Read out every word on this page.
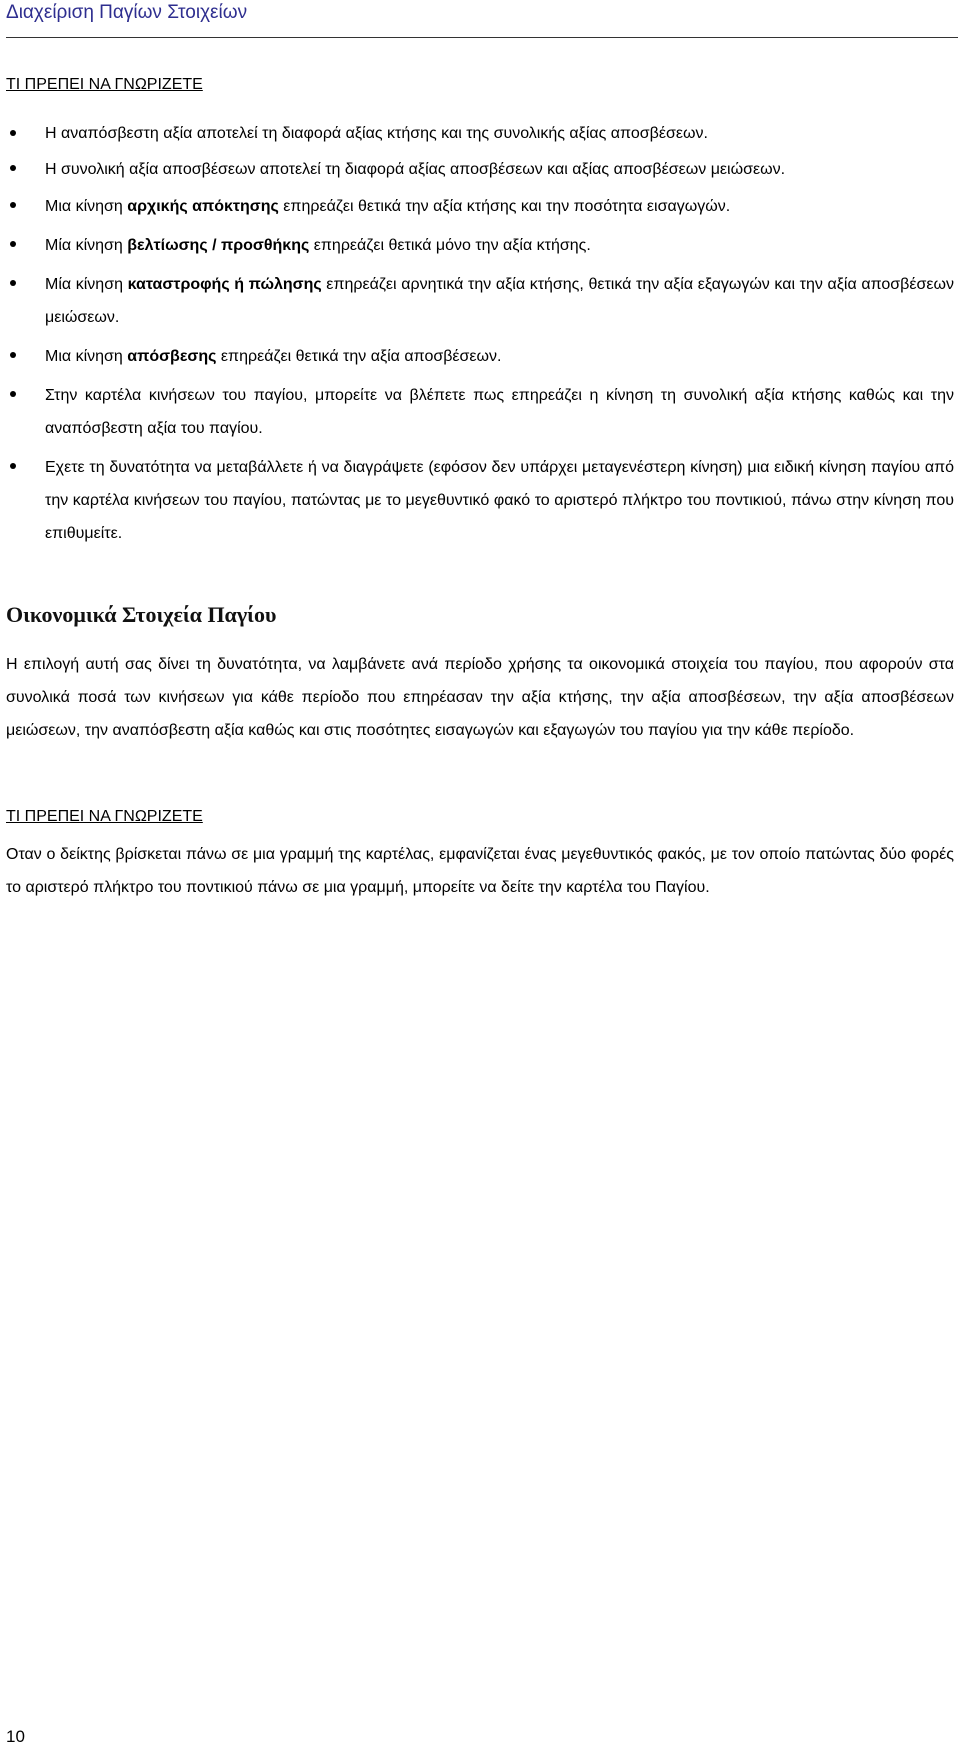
Διαχείριση Παγίων Στοιχείων
ΤΙ ΠΡΕΠΕΙ ΝΑ ΓΝΩΡΙΖΕΤΕ
Η αναπόσβεστη αξία αποτελεί τη διαφορά αξίας κτήσης και της συνολικής αξίας αποσβέσεων.
Η συνολική αξία αποσβέσεων αποτελεί τη διαφορά αξίας αποσβέσεων και αξίας αποσβέσεων μειώσεων.
Μια κίνηση αρχικής απόκτησης επηρεάζει θετικά την αξία κτήσης και την ποσότητα εισαγωγών.
Μία κίνηση βελτίωσης / προσθήκης επηρεάζει θετικά μόνο την αξία κτήσης.
Μία κίνηση καταστροφής ή πώλησης επηρεάζει αρνητικά την αξία κτήσης, θετικά την αξία εξαγωγών και την αξία αποσβέσεων μειώσεων.
Μια κίνηση απόσβεσης επηρεάζει θετικά την αξία αποσβέσεων.
Στην καρτέλα κινήσεων του παγίου, μπορείτε να βλέπετε πως επηρεάζει η κίνηση τη συνολική αξία κτήσης καθώς και την αναπόσβεστη αξία του παγίου.
Εχετε τη δυνατότητα να μεταβάλλετε ή να διαγράψετε (εφόσον δεν υπάρχει μεταγενέστερη κίνηση) μια ειδική κίνηση παγίου από την καρτέλα κινήσεων του παγίου, πατώντας με το μεγεθυντικό φακό το αριστερό πλήκτρο του ποντικιού, πάνω στην κίνηση που επιθυμείτε.
Οικονομικά Στοιχεία Παγίου
Η επιλογή αυτή σας δίνει τη δυνατότητα, να λαμβάνετε ανά περίοδο χρήσης τα οικονομικά στοιχεία του παγίου, που αφορούν στα συνολικά ποσά των κινήσεων για κάθε περίοδο που επηρέασαν την αξία κτήσης, την αξία αποσβέσεων, την αξία αποσβέσεων μειώσεων, την αναπόσβεστη αξία καθώς και στις ποσότητες εισαγωγών και εξαγωγών του παγίου για την κάθε περίοδο.
ΤΙ ΠΡΕΠΕΙ ΝΑ ΓΝΩΡΙΖΕΤΕ
Οταν ο δείκτης βρίσκεται πάνω σε μια γραμμή της καρτέλας, εμφανίζεται ένας μεγεθυντικός φακός, με τον οποίο πατώντας δύο φορές το αριστερό πλήκτρο του ποντικιού πάνω σε μια γραμμή, μπορείτε να δείτε την καρτέλα του Παγίου.
10
